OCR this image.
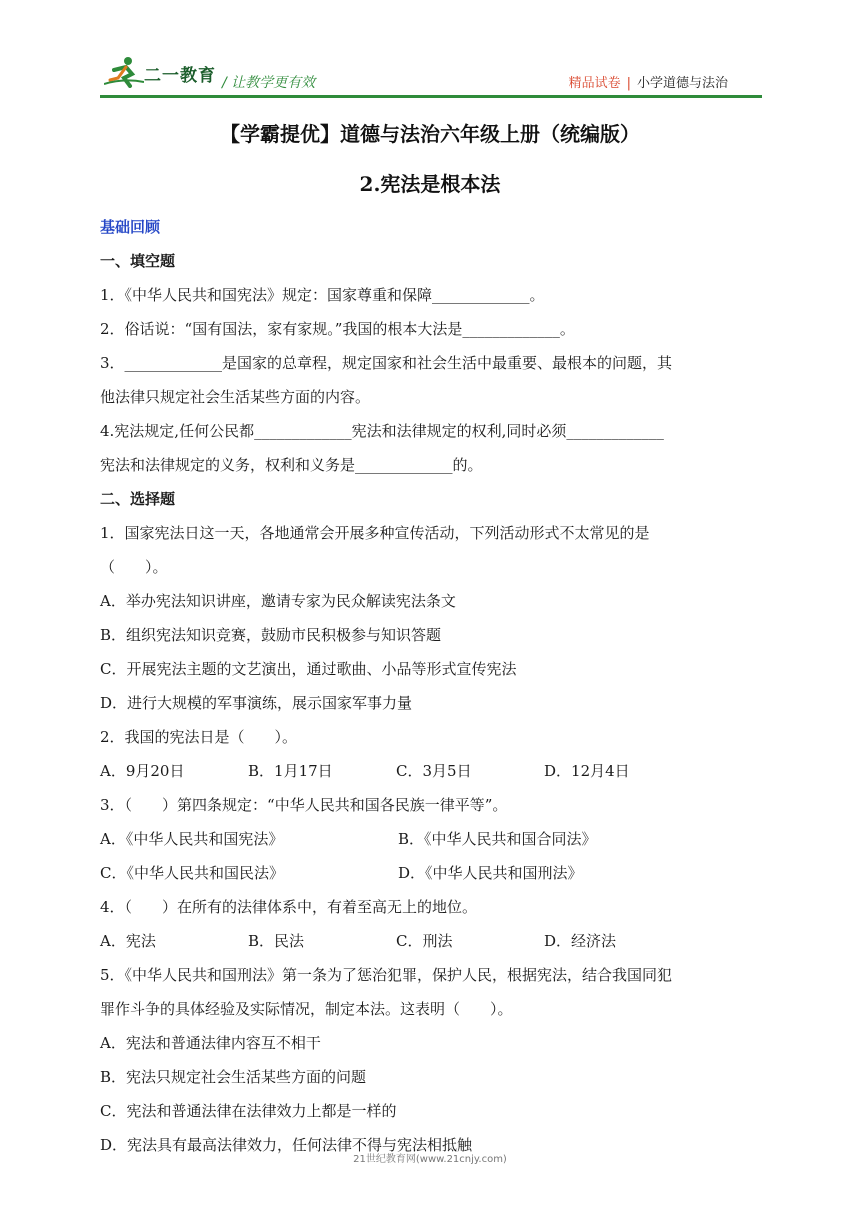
二一教育 / 让教学更有效	精品试卷 | 小学道德与法治
【学霸提优】道德与法治六年级上册（统编版）
2.宪法是根本法

基础回顾

一、填空题

1．《中华人民共和国宪法》规定：国家尊重和保障_____________。

2．俗话说：“国有国法，家有家规。”我国的根本大法是_____________。

3．_____________是国家的总章程，规定国家和社会生活中最重要、最根本的问题，其

他法律只规定社会生活某些方面的内容。

4.宪法规定,任何公民都_____________宪法和法律规定的权利,同时必须_____________

宪法和法律规定的义务，权利和义务是_____________的。

二、选择题

1．国家宪法日这一天，各地通常会开展多种宣传活动，下列活动形式不太常见的是

（　　）。

A．举办宪法知识讲座，邀请专家为民众解读宪法条文

B．组织宪法知识竞赛，鼓励市民积极参与知识答题

C．开展宪法主题的文艺演出，通过歌曲、小品等形式宣传宪法

D．进行大规模的军事演练，展示国家军事力量

2．我国的宪法日是（　　）。

A．9月20日	B．1月17日	C．3月5日	D．12月4日

3．（　　）第四条规定：“中华人民共和国各民族一律平等”。

A．《中华人民共和国宪法》	B．《中华人民共和国合同法》
C．《中华人民共和国民法》	D．《中华人民共和国刑法》

4．（　　）在所有的法律体系中，有着至高无上的地位。

A．宪法	B．民法	C．刑法	D．经济法

5．《中华人民共和国刑法》第一条为了惩治犯罪，保护人民，根据宪法，结合我国同犯

罪作斗争的具体经验及实际情况，制定本法。这表明（　　）。

A．宪法和普通法律内容互不相干

B．宪法只规定社会生活某些方面的问题

C．宪法和普通法律在法律效力上都是一样的

D．宪法具有最高法律效力，任何法律不得与宪法相抵触

21世纪教育网(www.21cnjy.com)
